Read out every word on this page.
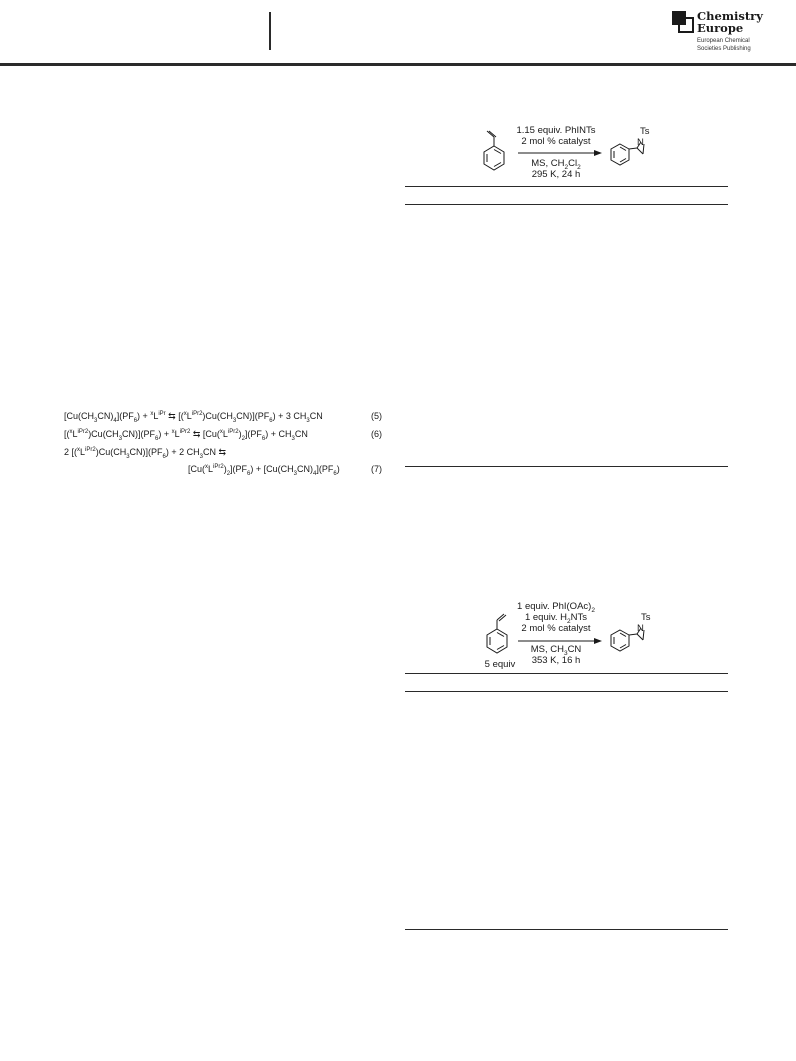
Chemistry
Europe
European Chemical
Societies Publishing
$[Cu(CH_3CN)_4](PF_6) + ^xL^{iPr}$ ⇆ $[(^xL^{iPr2})Cu(CH_3CN)](PF_6) + 3$ $CH_3CN$	(5)
$[(^xL^{iPr2})Cu(CH_3CN)](PF_6) + ^xL^{iPr2}$ ⇆ $[Cu(^xL^{iPr2})_2](PF_6) + CH_3CN$	(6)
2 $[(^xL^{iPr2})Cu(CH_3CN)](PF_6) + 2$ $CH_3CN$ ⇆
$[Cu(^xL^{iPr2})_2](PF_6) + [Cu(CH_3CN)_4](PF_6)$	(7)
1.15 equiv. PhINTs
2 mol % catalyst
MS, $CH_2Cl_2$
295 K, 24 h
Ts
N
5 equiv
1 equiv. $PhI(OAc)_2$
1 equiv. $H_2NTs$
2 mol % catalyst
MS, $CH_3CN$
353 K, 16 h
Ts
N
